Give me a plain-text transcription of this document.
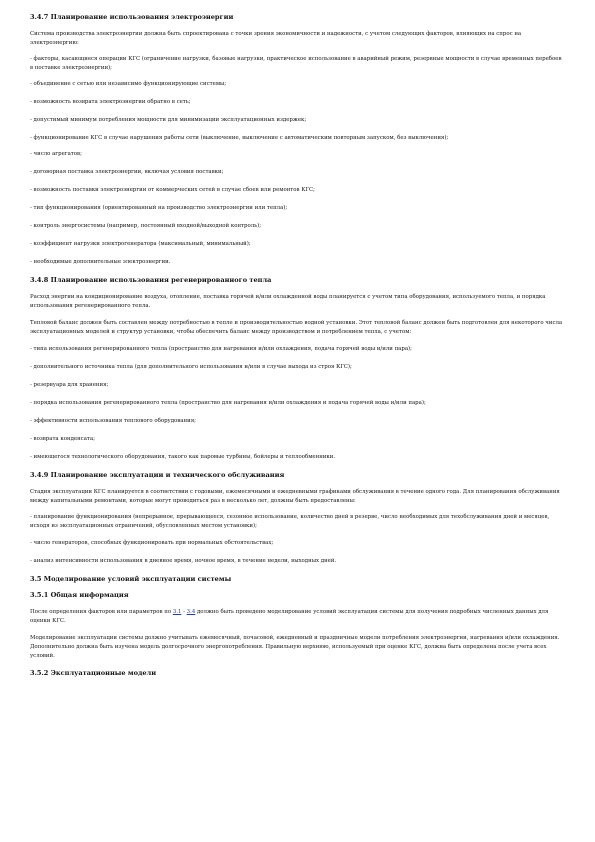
3.4.7 Планирование использования электроэнергии
Система производства электроэнергии должна быть спроектирована с точки зрения экономичности и надежности, с учетом следующих факторов, влияющих на спрос на электроэнергию:
- факторы, касающиеся операции КГС (ограничение нагрузки, базовые нагрузки, практическое использование в аварийный режим, резервные мощности в случае временных перебоев в поставке электроэнергии);
- объединение с сетью или независимо функционирующие системы;
- возможность возврата электроэнергии обратно в сеть;
- допустимый минимум потребления мощности для минимизации эксплуатационных издержек;
- функционирование КГС в случае нарушения работы сети (выключение, выключение с автоматическим повторным запуском, без выключения);
- число агрегатов;
- договорная поставка электроэнергии, включая условия поставки;
- возможность поставки электроэнергии от коммерческих сетей в случае сбоев или ремонтов КГС;
- тип функционирования (ориентированный на производство электроэнергии или тепла);
- контроль энергосистемы (например, постоянный входной/выходной контроль);
- коэффициент нагрузки электрогенератора (максимальный, минимальный);
- необходимые дополнительные электроэнергии.
3.4.8 Планирование использования регенерированного тепла
Расход энергии на кондиционирование воздуха, отопление, поставка горячей и/или охлажденной воды планируется с учетом типа оборудования, используемого тепла, и порядка использования регенерированного тепла.
Тепловой баланс должен быть составлен между потребностью в тепле и производительностью водной установки. Этот тепловой баланс должен быть подготовлен для некоторого числа эксплуатационных моделей и структур установки, чтобы обеспечить баланс между производством и потреблением тепла, с учетом:
- типа использования регенерированного тепла (пространство для нагревания и/или охлаждения, подача горячей воды и/или пара);
- дополнительного источника тепла (для дополнительного использования и/или в случае выхода из строя КГС);
- резервуара для хранения;
- порядка использования регенерированного тепла (пространство для нагревания и/или охлаждения и подача горячей воды и/или пара);
- эффективности использования теплового оборудования;
- возврата конденсата;
- имеющегося технологического оборудования, такого как паровые турбины, бойлеры и теплообменники.
3.4.9 Планирование эксплуатации и технического обслуживания
Стадия эксплуатации КГС планируется в соответствии с годовыми, ежемесячными и ежедневными графиками обслуживания в течение одного года. Для планирования обслуживания между капитальными ремонтами, которые могут проводиться раз в несколько лет, должны быть предоставлены:
- планирование функционирования (непрерывное, прерывающееся, сезонное использование, количество дней в резерве, число необходимых для техобслуживания дней и месяцев, исходя из эксплуатационных ограничений, обусловленных местом установки);
- число генераторов, способных функционировать при нормальных обстоятельствах;
- анализ интенсивности использования в дневное время, ночное время, в течение недели, выходных дней.
3.5 Моделирование условий эксплуатации системы
3.5.1 Общая информация
После определения факторов или параметров по 3.1 - 3.4 должно быть проведено моделирование условий эксплуатации системы для получения подробных численных данных для оценки КГС.
Моделирование эксплуатации системы должно учитывать ежемесячный, почасовой, ежедневный и праздничные модели потребления электроэнергии, нагревания и/или охлаждения. Дополнительно должна быть изучена модель долгосрочного энергопотребления. Правильную верхнюю, используемый при оценке КГС, должна быть определена после учета всех условий.
3.5.2 Эксплуатационные модели
